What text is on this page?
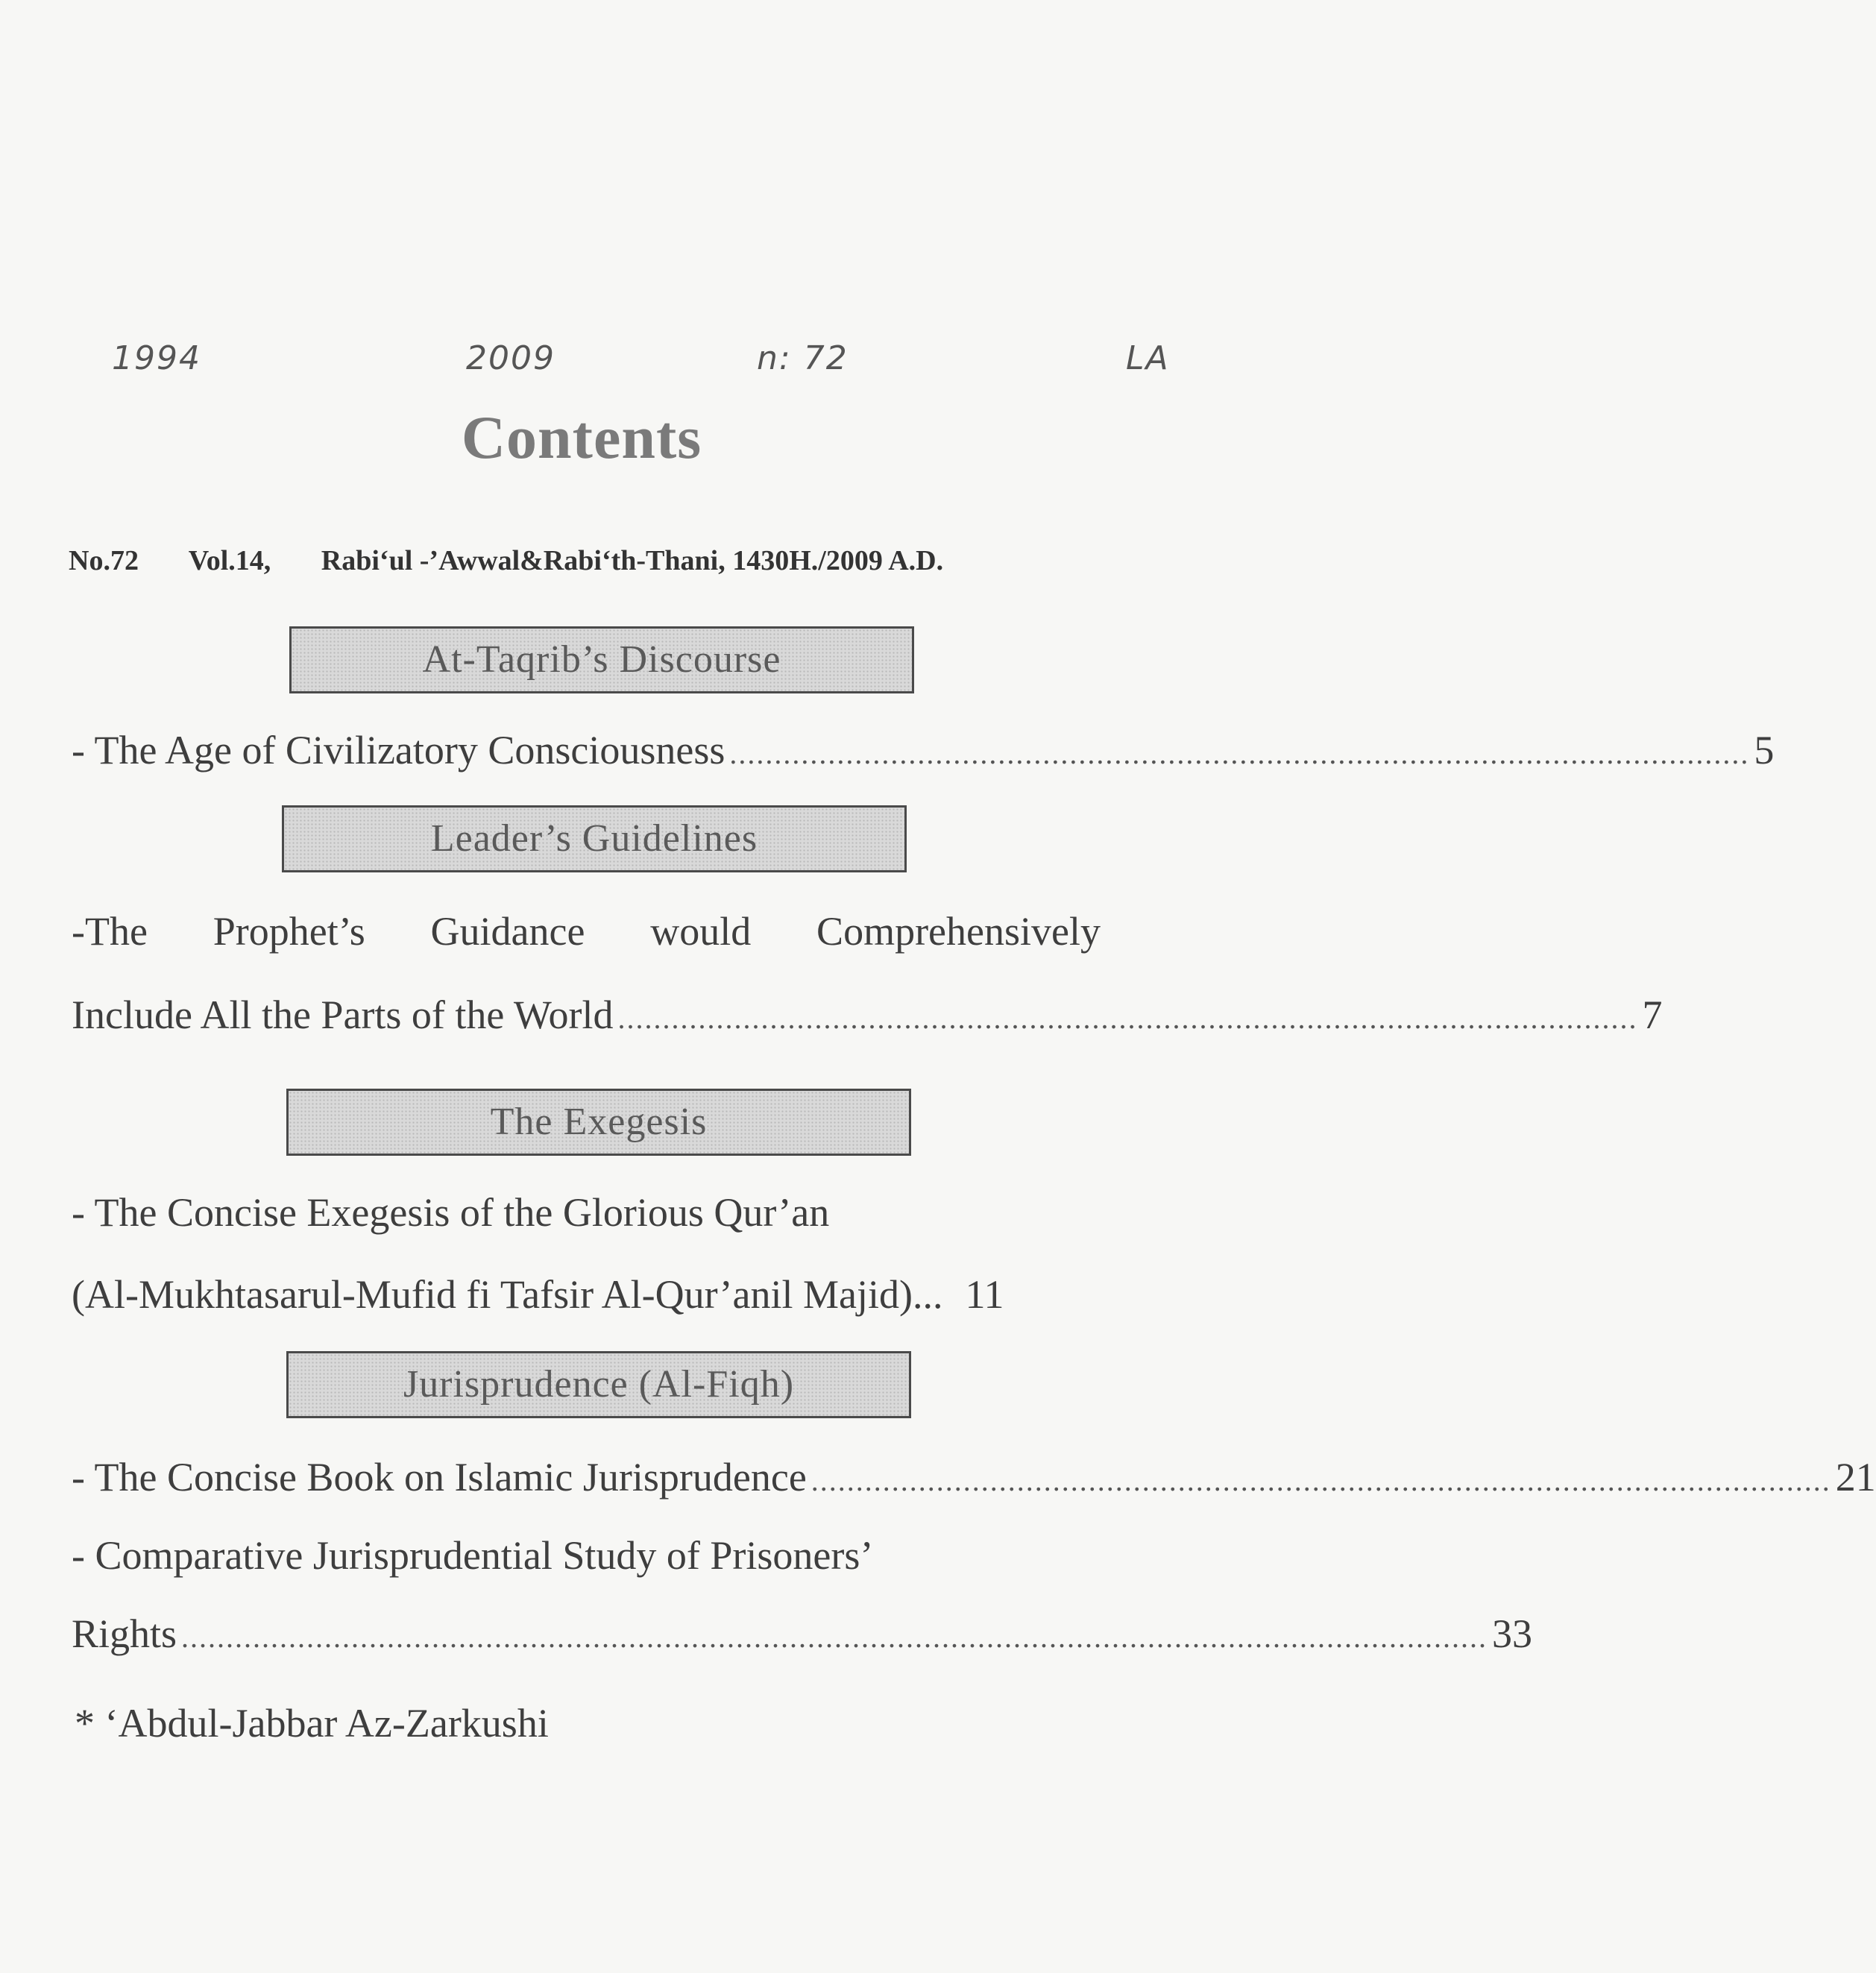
1994	2009	n: 72	LA
Contents
No.72 Vol.14, Rabi‘ul -’Awwal&Rabi‘th-Thani, 1430H./2009 A.D.
At-Taqrib’s Discourse
- The Age of Civilizatory Consciousness .................................................................................................................. 5
Leader’s Guidelines
-The Prophet’s Guidance would Comprehensively
Include All the Parts of the World .................................................................................................................. 7
The Exegesis
- The Concise Exegesis of the Glorious Qur’an
(Al-Mukhtasarul-Mufid fi Tafsir Al-Qur’anil Majid)... 11
Jurisprudence (Al-Fiqh)
- The Concise Book on Islamic Jurisprudence .................................................................................................................. 21
- Comparative Jurisprudential Study of Prisoners’
Rights .................................................................................................................................................. 33
* ‘Abdul-Jabbar Az-Zarkushi
